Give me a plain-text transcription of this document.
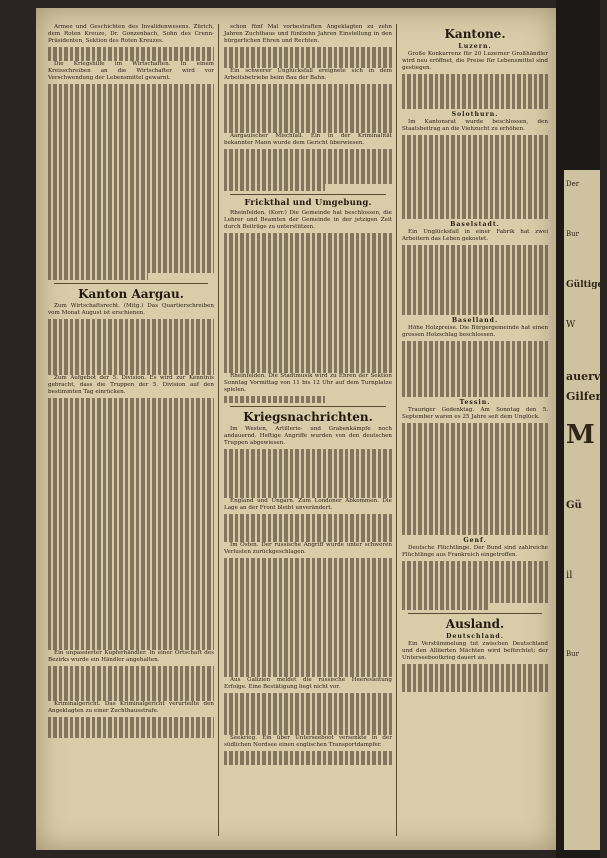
Der
Bur
Gültige
W
auerve
Gilfer
M
Gü
il
Bur

Armee und Geschichten des Invalidenwesens. Zürich, dem Roten Kreuze, Dr. Gonzenbach, Sohn des Crenn-Präsidenten, Sektion des Roten Kreuzes.

Die Kriegshilfe im Wirtschaften. In einem Kreisschreiben an die Wirtschafter wird vor Verschwendung der Lebensmittel gewarnt.

Kanton Aargau.

Zum Wirtschaftsrecht. (Mitg.) Das Quartierschreiben vom Monat August ist erschienen.

Zum Aufgebot der 5. Division. Es wird zur Kenntnis gebracht, dass die Truppen der 5. Division auf den bestimmten Tag einrücken.

Ein unpassierter Kupferhändler. In einer Ortschaft des Bezirks wurde ein Händler angehalten.

Kriminalgericht. Das Kriminalgericht verurteilte den Angeklagten zu einer Zuchthausstrafe.

schon fünf Mal vorbestraften Angeklagten zu zehn Jahren Zuchthaus und fünfzehn Jahren Einstellung in den bürgerlichen Ehren und Rechten.

Ein schwerer Unglücksfall ereignete sich in dem Arbeitsbetriebe beim Bau der Bahn.

Aargauischer Mischfall. Ein in der Kriminalität bekannter Mann wurde dem Gericht überwiesen.

Frickthal und Umgebung.

Rheinfelden. (Korr.) Die Gemeinde hat beschlossen, die Lehrer und Beamten der Gemeinde in der jetzigen Zeit durch Beiträge zu unterstützen.

Rheinfelden. Die Stadtmusik wird zu Ehren der Sektion Sonntag Vormittag von 11 bis 12 Uhr auf dem Turnplatze spielen.

Kriegsnachrichten.

Im Westen, Artillerie- und Grabenkämpfe noch andauernd. Heftige Angriffe wurden von den deutschen Truppen abgewiesen.

England und Ungarn. Zum Londoner Abkommen. Die Lage an der Front bleibt unverändert.

Im Osten. Der russische Angriff wurde unter schweren Verlusten zurückgeschlagen.

Aus Galizien meldet die russische Heeresleitung Erfolge. Eine Bestätigung liegt nicht vor.

Seekrieg. Ein über Unterseeboot versenkte in der südlichen Nordsee einen englischen Transportdampfer.

Kantone.
Luzern.

Große Konkurrenz für 20 Luzerner Großhändler wird neu eröffnet, die Preise für Lebensmittel sind gestiegen.

Solothurn.

Im Kantonsrat wurde beschlossen, den Staatsbeitrag an die Viehzucht zu erhöhen.

Baselstadt.

Ein Unglücksfall in einer Fabrik hat zwei Arbeitern das Leben gekostet.

Baselland.

Höhe Holzpreise. Die Bürgergemeinde hat einen grossen Holzschlag beschlossen.

Tessin.

Trauriger Gedenktag. Am Sonntag den 5. September waren es 25 Jahre seit dem Unglück.

Genf.

Deutsche Flüchtlinge. Der Bund sind zahlreiche Flüchtlinge aus Frankreich eingetroffen.

Ausland.
Deutschland.

Ein Verstümmelung tut zwischen Deutschland und den Alliierten Mächten wird befürchtet; der Unterseebootkrieg dauert an.
